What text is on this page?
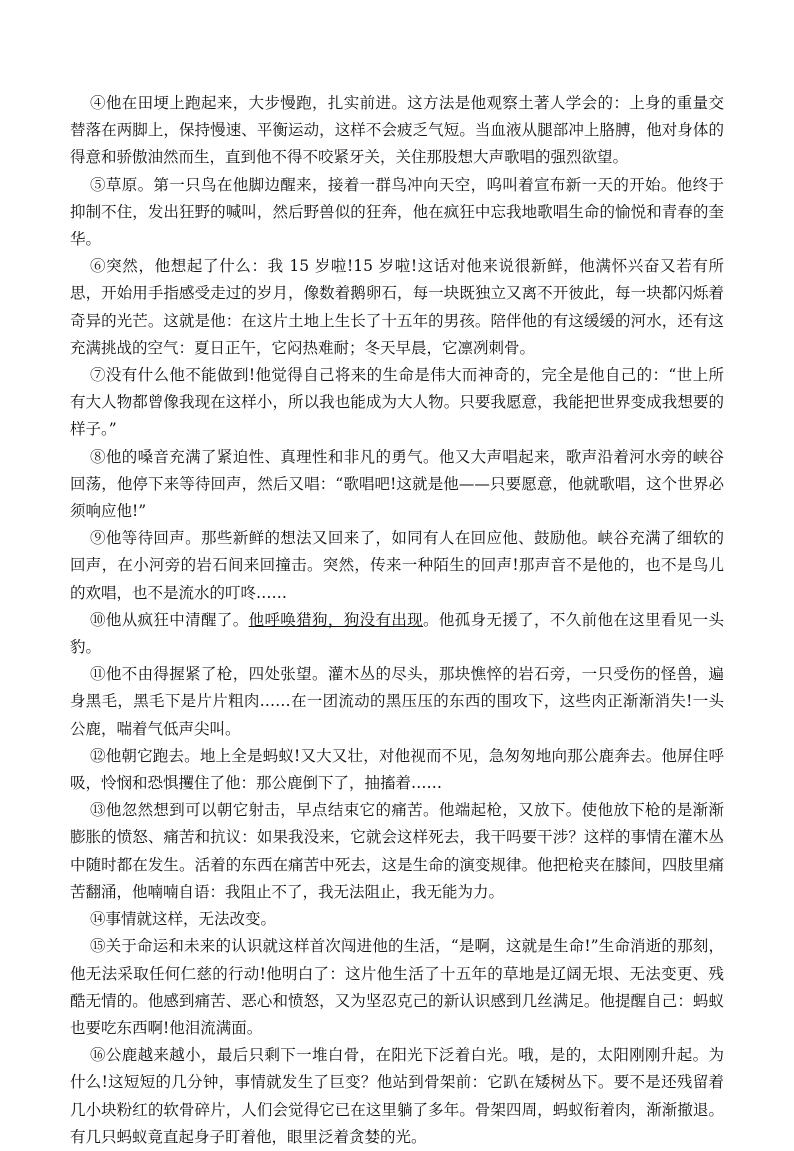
④他在田埂上跑起来，大步慢跑，扎实前进。这方法是他观察土著人学会的：上身的重量交替落在两脚上，保持慢速、平衡运动，这样不会疲乏气短。当血液从腿部冲上胳膊，他对身体的得意和骄傲油然而生，直到他不得不咬紧牙关，关住那股想大声歌唱的强烈欲望。

⑤草原。第一只鸟在他脚边醒来，接着一群鸟冲向天空，呜叫着宣布新一天的开始。他终于抑制不住，发出狂野的喊叫，然后野兽似的狂奔，他在疯狂中忘我地歌唱生命的愉悦和青春的奎华。

⑥突然，他想起了什么：我 15 岁啦!15 岁啦!这话对他来说很新鲜，他满怀兴奋又若有所思，开始用手指感受走过的岁月，像数着鹅卵石，每一块既独立又离不开彼此，每一块都闪烁着奇异的光芒。这就是他：在这片土地上生长了十五年的男孩。陪伴他的有这缓缓的河水，还有这充满挑战的空气：夏日正午，它闷热难耐；冬天早晨，它凛冽刺骨。

⑦没有什么他不能做到!他觉得自己将来的生命是伟大而神奇的，完全是他自己的：“世上所有大人物都曾像我现在这样小，所以我也能成为大人物。只要我愿意，我能把世界变成我想要的样子。”

⑧他的嗓音充满了紧迫性、真理性和非凡的勇气。他又大声唱起来，歌声沿着河水旁的峡谷回荡，他停下来等待回声，然后又唱：“歌唱吧!这就是他——只要愿意，他就歌唱，这个世界必须响应他!”

⑨他等待回声。那些新鲜的想法又回来了，如同有人在回应他、鼓励他。峡谷充满了细软的回声，在小河旁的岩石间来回撞击。突然，传来一种陌生的回声!那声音不是他的，也不是鸟儿的欢唱，也不是流水的叮咚……

⑩他从疯狂中清醒了。他呼唤猎狗，狗没有出现。他孤身无援了，不久前他在这里看见一头豹。

⑪他不由得握紧了枪，四处张望。灌木丛的尽头，那块憔悴的岩石旁，一只受伤的怪兽，遍身黑毛，黑毛下是片片粗肉……在一团流动的黑压压的东西的围攻下，这些肉正渐渐消失!一头公鹿，喘着气低声尖叫。

⑫他朝它跑去。地上全是蚂蚁!又大又壮，对他视而不见，急匆匆地向那公鹿奔去。他屏住呼吸，怜悯和恐惧攫住了他：那公鹿倒下了，抽搐着……

⑬他忽然想到可以朝它射击，早点结束它的痛苦。他端起枪，又放下。使他放下枪的是渐渐膨胀的愤怒、痛苦和抗议：如果我没来，它就会这样死去，我干吗要干涉？这样的事情在灌木丛中随时都在发生。活着的东西在痛苦中死去，这是生命的演变规律。他把枪夹在膝间，四肢里痛苦翻涌，他喃喃自语：我阻止不了，我无法阻止，我无能为力。

⑭事情就这样，无法改变。

⑮关于命运和未来的认识就这样首次闯进他的生活，“是啊，这就是生命!”生命消逝的那刻，他无法采取任何仁慈的行动!他明白了：这片他生活了十五年的草地是辽阔无垠、无法变更、残酷无情的。他感到痛苦、恶心和愤怒，又为坚忍克己的新认识感到几丝满足。他提醒自己：蚂蚁也要吃东西啊!他泪流满面。

⑯公鹿越来越小，最后只剩下一堆白骨，在阳光下泛着白光。哦，是的，太阳刚刚升起。为什么!这短短的几分钟，事情就发生了巨变？他站到骨架前：它趴在矮树丛下。要不是还残留着几小块粉红的软骨碎片，人们会觉得它已在这里躺了多年。骨架四周，蚂蚁衔着肉，渐渐撤退。有几只蚂蚁竟直起身子盯着他，眼里泛着贪婪的光。
